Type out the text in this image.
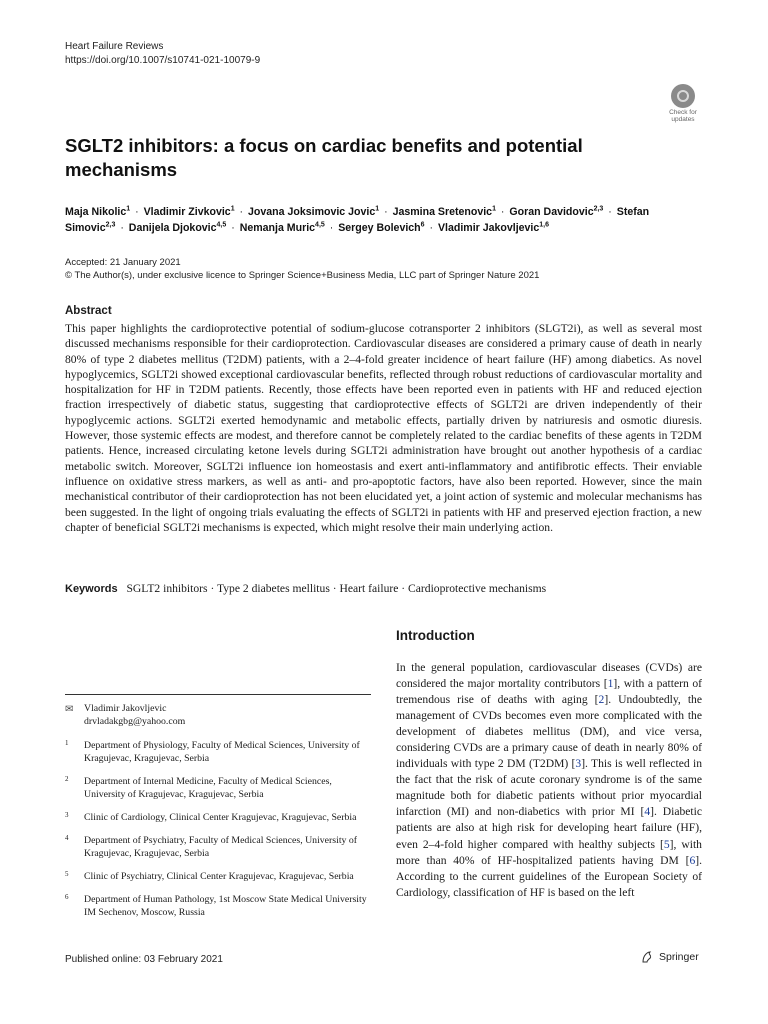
Heart Failure Reviews
https://doi.org/10.1007/s10741-021-10079-9
Check for
updates
SGLT2 inhibitors: a focus on cardiac benefits and potential mechanisms
Maja Nikolic$^1$ · Vladimir Zivkovic$^1$ · Jovana Joksimovic Jovic$^1$ · Jasmina Sretenovic$^1$ · Goran Davidovic$^{2,3}$ · Stefan Simovic$^{2,3}$ · Danijela Djokovic$^{4,5}$ · Nemanja Muric$^{4,5}$ · Sergey Bolevich$^6$ · Vladimir Jakovljevic$^{1,6}$
Accepted: 21 January 2021
© The Author(s), under exclusive licence to Springer Science+Business Media, LLC part of Springer Nature 2021
Abstract
This paper highlights the cardioprotective potential of sodium-glucose cotransporter 2 inhibitors (SLGT2i), as well as several most discussed mechanisms responsible for their cardioprotection. Cardiovascular diseases are considered a primary cause of death in nearly 80% of type 2 diabetes mellitus (T2DM) patients, with a 2–4-fold greater incidence of heart failure (HF) among diabetics. As novel hypoglycemics, SGLT2i showed exceptional cardiovascular benefits, reflected through robust reductions of cardiovascular mortality and hospitalization for HF in T2DM patients. Recently, those effects have been reported even in patients with HF and reduced ejection fraction irrespectively of diabetic status, suggesting that cardioprotective effects of SGLT2i are driven independently of their hypoglycemic actions. SGLT2i exerted hemodynamic and metabolic effects, partially driven by natriuresis and osmotic diuresis. However, those systemic effects are modest, and therefore cannot be completely related to the cardiac benefits of these agents in T2DM patients. Hence, increased circulating ketone levels during SGLT2i administration have brought out another hypothesis of a cardiac metabolic switch. Moreover, SGLT2i influence ion homeostasis and exert anti-inflammatory and antifibrotic effects. Their enviable influence on oxidative stress markers, as well as anti- and pro-apoptotic factors, have also been reported. However, since the main mechanistical contributor of their cardioprotection has not been elucidated yet, a joint action of systemic and molecular mechanisms has been suggested. In the light of ongoing trials evaluating the effects of SGLT2i in patients with HF and preserved ejection fraction, a new chapter of beneficial SGLT2i mechanisms is expected, which might resolve their main underlying action.
Keywords SGLT2 inhibitors · Type 2 diabetes mellitus · Heart failure · Cardioprotective mechanisms
Introduction
In the general population, cardiovascular diseases (CVDs) are considered the major mortality contributors [1], with a pattern of tremendous rise of deaths with aging [2]. Undoubtedly, the management of CVDs becomes even more complicated with the development of diabetes mellitus (DM), and vice versa, considering CVDs are a primary cause of death in nearly 80% of individuals with type 2 DM (T2DM) [3]. This is well reflected in the fact that the risk of acute coronary syndrome is of the same magnitude both for diabetic patients without prior myocardial infarction (MI) and non-diabetics with prior MI [4]. Diabetic patients are also at high risk for developing heart failure (HF), even 2–4-fold higher compared with healthy subjects [5], with more than 40% of HF-hospitalized patients having DM [6]. According to the current guidelines of the European Society of Cardiology, classification of HF is based on the left
✉ Vladimir Jakovljevic
drvladakgbg@yahoo.com
1 Department of Physiology, Faculty of Medical Sciences, University of Kragujevac, Kragujevac, Serbia
2 Department of Internal Medicine, Faculty of Medical Sciences, University of Kragujevac, Kragujevac, Serbia
3 Clinic of Cardiology, Clinical Center Kragujevac, Kragujevac, Serbia
4 Department of Psychiatry, Faculty of Medical Sciences, University of Kragujevac, Kragujevac, Serbia
5 Clinic of Psychiatry, Clinical Center Kragujevac, Kragujevac, Serbia
6 Department of Human Pathology, 1st Moscow State Medical University IM Sechenov, Moscow, Russia
Published online: 03 February 2021	Springer
